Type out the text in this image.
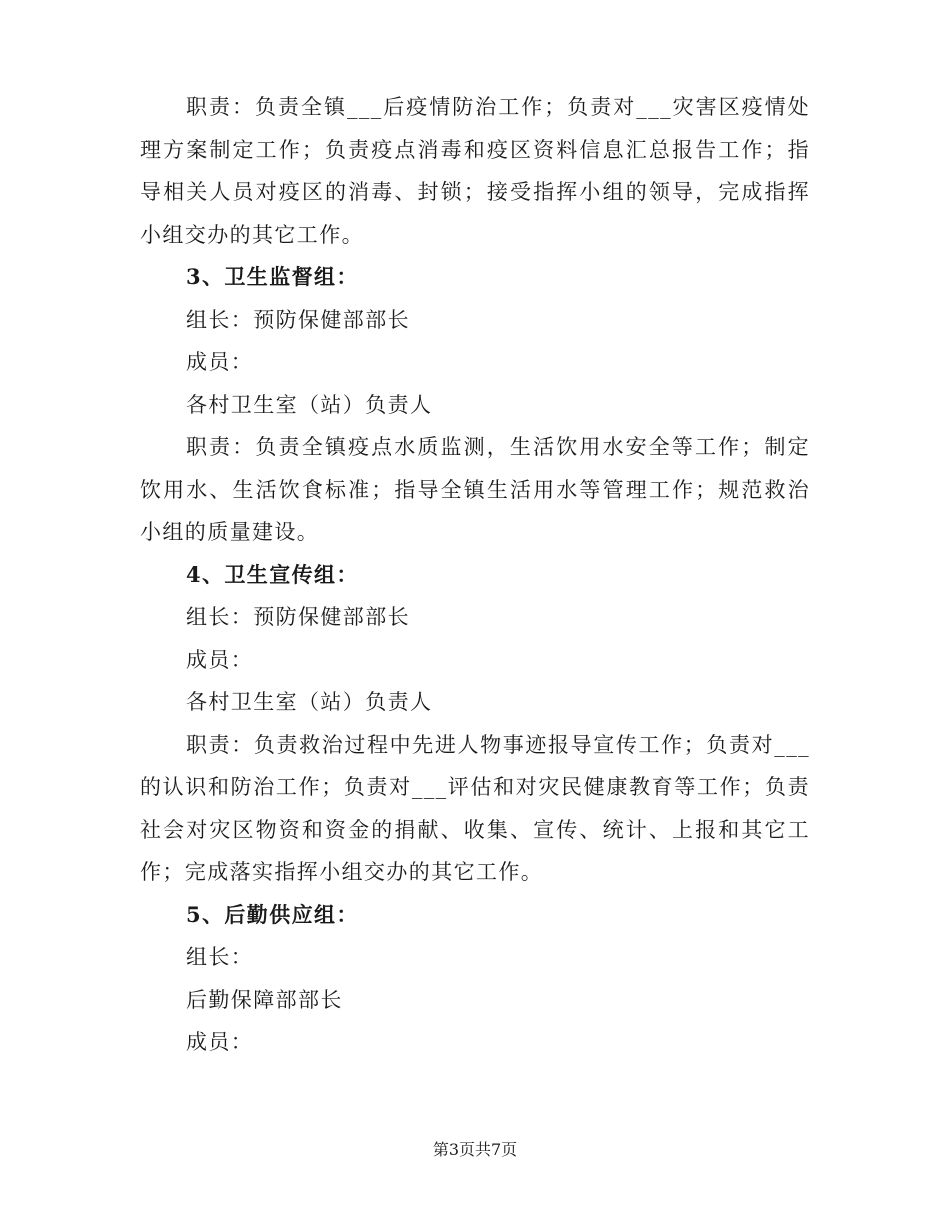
职责：负责全镇___后疫情防治工作；负责对___灾害区疫情处理方案制定工作；负责疫点消毒和疫区资料信息汇总报告工作；指导相关人员对疫区的消毒、封锁；接受指挥小组的领导，完成指挥小组交办的其它工作。

3、卫生监督组：

组长：预防保健部部长

成员：

各村卫生室（站）负责人

职责：负责全镇疫点水质监测，生活饮用水安全等工作；制定饮用水、生活饮食标准；指导全镇生活用水等管理工作；规范救治小组的质量建设。

4、卫生宣传组：

组长：预防保健部部长

成员：

各村卫生室（站）负责人

职责：负责救治过程中先进人物事迹报导宣传工作；负责对___的认识和防治工作；负责对___评估和对灾民健康教育等工作；负责社会对灾区物资和资金的捐献、收集、宣传、统计、上报和其它工作；完成落实指挥小组交办的其它工作。

5、后勤供应组：

组长：

后勤保障部部长

成员：

第3页共7页
